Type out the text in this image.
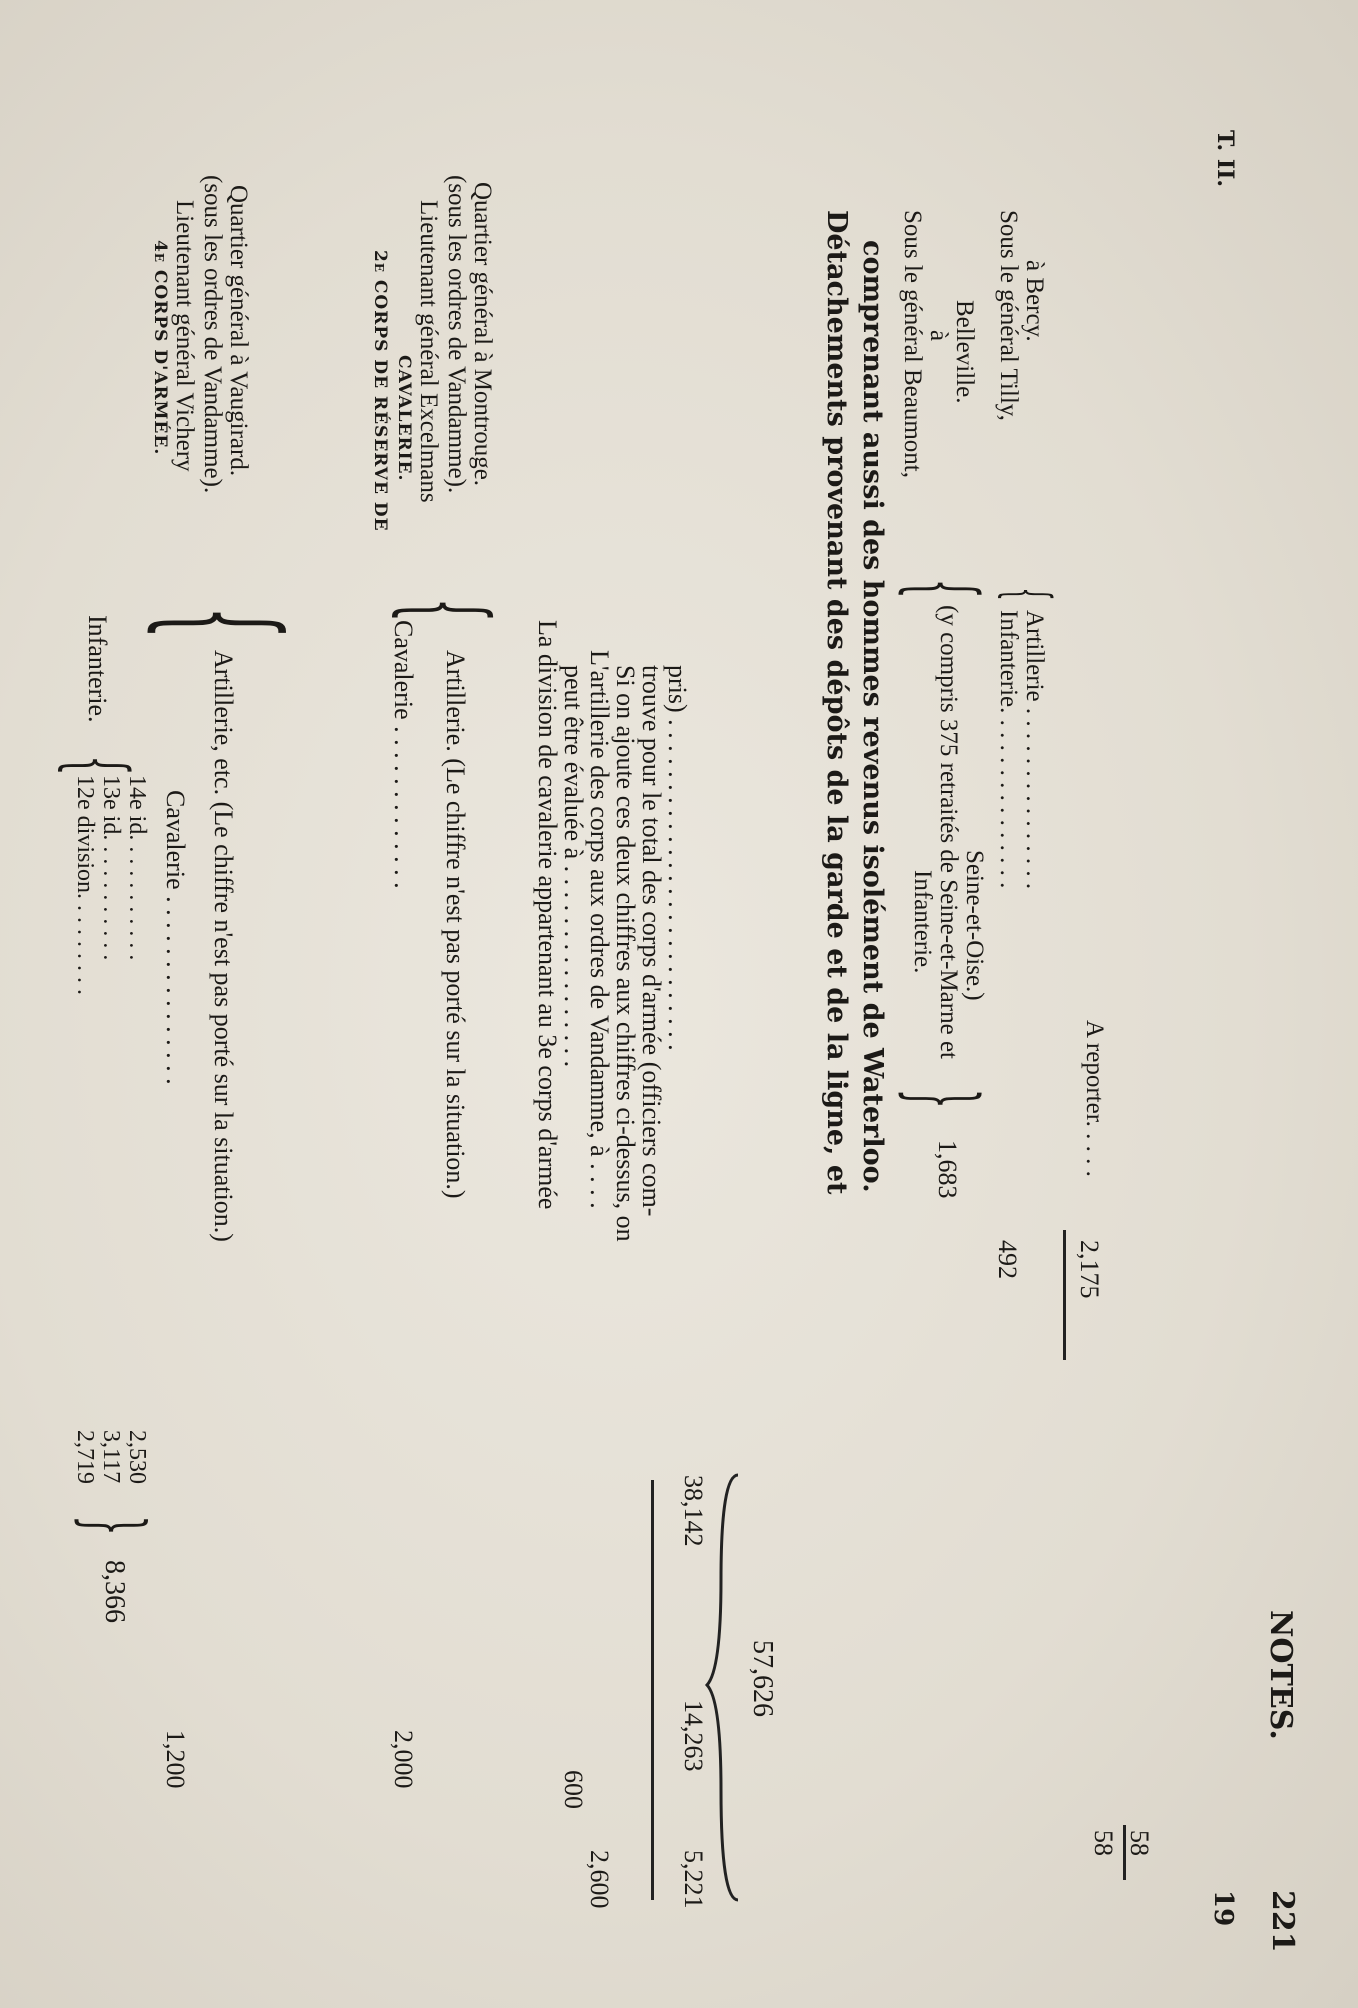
NOTES.
221
4e CORPS D'ARMÉE. Lieutenant général Vichery (sous les ordres de Vandamme). Quartier général à Vaugirard.
{
Infanterie.
{
12e division. . . . . . . . . 13e id. . . . . . . . . . . 14e id. . . . . . . . . . .
2,719 3,117 2,530
}
8,366
Cavalerie . . . . . . . . . . . . . . .
1,200
Artillerie, etc. (Le chiffre n'est pas porté sur la situation.)
2e CORPS DE RÉSERVE DE CAVALERIE. Lieutenant général Excelmans (sous les ordres de Vandamme). Quartier général à Montrouge.
{
Cavalerie . . . . . . . . . . . . .
2,000
Artillerie. (Le chiffre n'est pas porté sur la situation.) La division de cavalerie appartenant au 3e corps d'armée
peut être évaluée à . . . . . . . . . . . . . . . .
600
L'artillerie des corps aux ordres de Vandamme, à . . . .
2,600
Si on ajoute ces deux chiffres aux chiffres ci-dessus, on
trouve pour le total des corps d'armée (officiers com-
pris) . . . . . . . . . . . . . . . . . . . . . . . . . .
38,142
14,263
5,221
57,626
Détachements provenant des dépôts de la garde et de la ligne, et comprenant aussi des hommes revenus isolément de Waterloo. Sous le général Beaumont, à Belleville.
{
Infanterie. (y compris 375 retraités de Seine-et-Marne et Seine-et-Oise.)
}
1,683
Sous le général Tilly, à Bercy.
{
Infanterie. . . . . . . . . . . . . . . Artillerie . . . . . . . . . . . . . . .
492 2,175
58 58
A reporter. . . . .
T. II.
19
